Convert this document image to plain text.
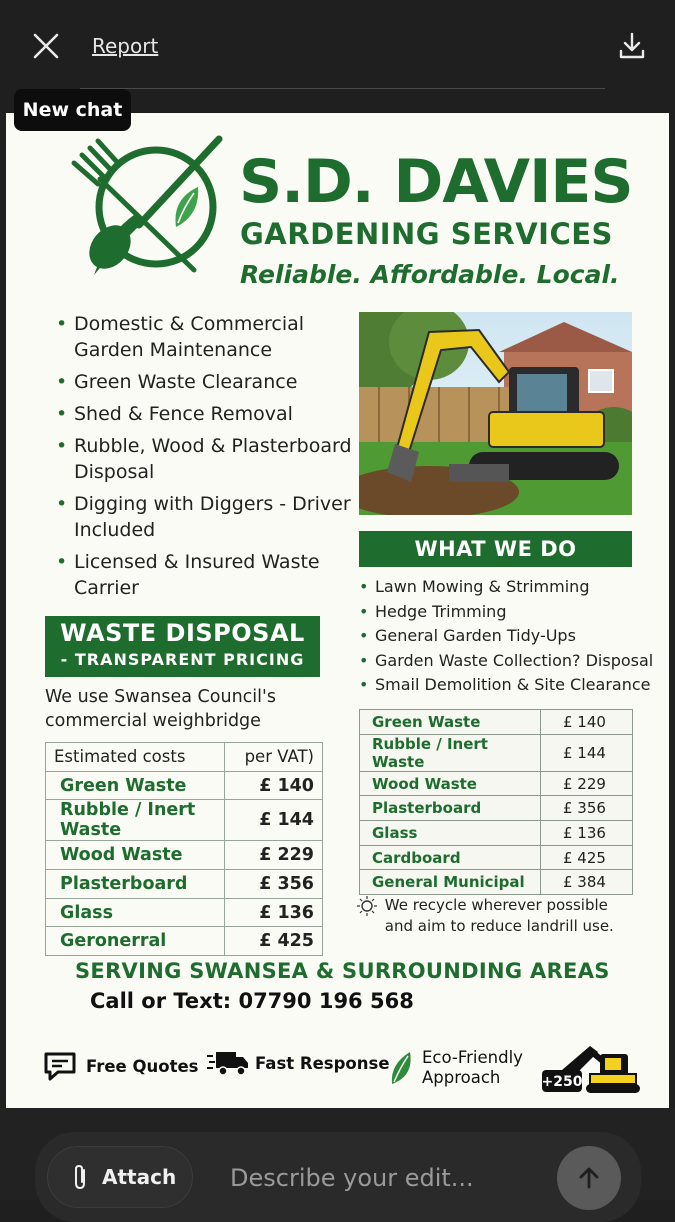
Report
New chat
S.D. DAVIES
GARDENING SERVICES
Reliable. Affordable. Local.
• Domestic & Commercial Garden Maintenance
• Green Waste Clearance
• Shed & Fence Removal
• Rubble, Wood & Plasterboard Disposal
• Digging with Diggers - Driver Included
• Licensed & Insured Waste Carrier
WHAT WE DO
• Lawn Mowing & Strimming
• Hedge Trimming
• General Garden Tidy-Ups
• Garden Waste Collection? Disposal
• Smail Demolition & Site Clearance
WASTE DISPOSAL
- TRANSPARENT PRICING
We use Swansea Council's commercial weighbridge
Estimated costs	per VAT)
Green Waste	£ 140
Rubble / Inert Waste	£ 144
Wood Waste	£ 229
Plasterboard	£ 356
Glass	£ 136
Geronerral	£ 425
Green Waste	£ 140
Rubble / Inert Waste	£ 144
Wood Waste	£ 229
Plasterboard	£ 356
Glass	£ 136
Cardboard	£ 425
General Municipal	£ 384
We recycle wherever possible
and aim to reduce landrill use.
SERVING SWANSEA & SURROUNDING AREAS
Call or Text: 07790 196 568
Free Quotes	Fast Response Eco-Friendly
Approach	+250
Attach
Describe your edit...
